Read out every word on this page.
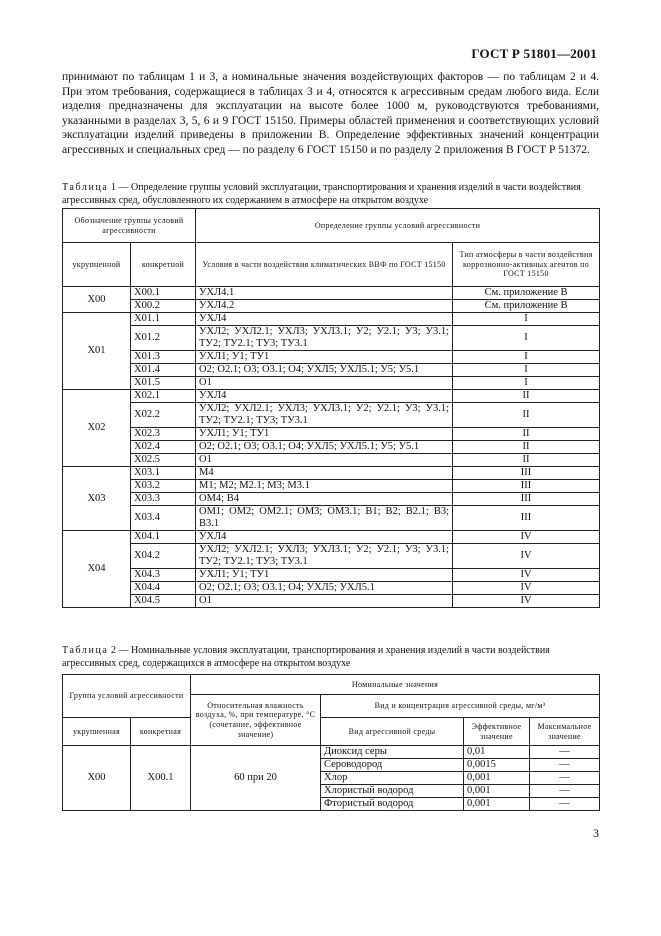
ГОСТ Р 51801—2001

принимают по таблицам 1 и 3, а номинальные значения воздействующих факторов — по таблицам 2 и 4. При этом требования, содержащиеся в таблицах 3 и 4, относятся к агрессивным средам любого вида. Если изделия предназначены для эксплуатации на высоте более 1000 м, руководствуются требованиями, указанными в разделах 3, 5, 6 и 9 ГОСТ 15150. Примеры областей применения и соответствующих условий эксплуатации изделий приведены в приложении В. Определение эффективных значений концентрации агрессивных и специальных сред — по разделу 6 ГОСТ 15150 и по разделу 2 приложения В ГОСТ Р 51372.

Таблица 1 — Определение группы условий эксплуатации, транспортирования и хранения изделий в части воздействия агрессивных сред, обусловленного их содержанием в атмосфере на открытом воздухе
Обозначение группы условий агрессивности		Определение группы условий агрессивности	
укрупненной	конкретной	Условия в части воздействия климатических ВВФ по ГОСТ 15150	Тип атмосферы в части воздействия коррозионно-активных агентов по ГОСТ 15150
Х00	Х00.1	УХЛ4.1	См. приложение В
	Х00.2	УХЛ4.2	См. приложение В
Х01	Х01.1	УХЛ4	I
	Х01.2	УХЛ2; УХЛ2.1; УХЛ3; УХЛ3.1; У2; У2.1; У3; У3.1; ТУ2; ТУ2.1; ТУ3; ТУ3.1	I
	Х01.3	УХЛ1; У1; ТУ1	I
	Х01.4	О2; О2.1; О3; О3.1; О4; УХЛ5; УХЛ5.1; У5; У5.1	I
	Х01.5	О1	I
Х02	Х02.1	УХЛ4	II
	Х02.2	УХЛ2; УХЛ2.1; УХЛ3; УХЛ3.1; У2; У2.1; У3; У3.1; ТУ2; ТУ2.1; ТУ3; ТУ3.1	II
	Х02.3	УХЛ1; У1; ТУ1	II
	Х02.4	О2; О2.1; О3; О3.1; О4; УХЛ5; УХЛ5.1; У5; У5.1	II
	Х02.5	О1	II
Х03	Х03.1	М4	III
	Х03.2	М1; М2; М2.1; М3; М3.1	III
	Х03.3	ОМ4; В4	III
	Х03.4	ОМ1; ОМ2; ОМ2.1; ОМ3; ОМ3.1; В1; В2; В2.1; В3; В3.1	III
Х04	Х04.1	УХЛ4	IV
	Х04.2	УХЛ2; УХЛ2.1; УХЛ3; УХЛ3.1; У2; У2.1; У3; У3.1; ТУ2; ТУ2.1; ТУ3; ТУ3.1	IV
	Х04.3	УХЛ1; У1; ТУ1	IV
	Х04.4	О2; О2.1; О3; О3.1; О4; УХЛ5; УХЛ5.1	IV
	Х04.5	О1	IV
Таблица 2 — Номинальные условия эксплуатации, транспортирования и хранения изделий в части воздействия агрессивных сред, содержащихся в атмосфере на открытом воздухе
Группа условий агрессивности		Номинальные значения			
		Относительная влажность воздуха, %, при температуре, °С (сочетание, эффективное значение)	Вид и концентрация агрессивной среды, мг/м³		
укрупненная	конкретная		Вид агрессивной среды	Эффективное значение	Максимальное значение
Х00	Х00.1	60 при 20	Диоксид серы	0,01	—
			Сероводород	0,0015	—
			Хлор	0,001	—
			Хлористый водород	0,001	—
			Фтористый водород	0,001	—
3
